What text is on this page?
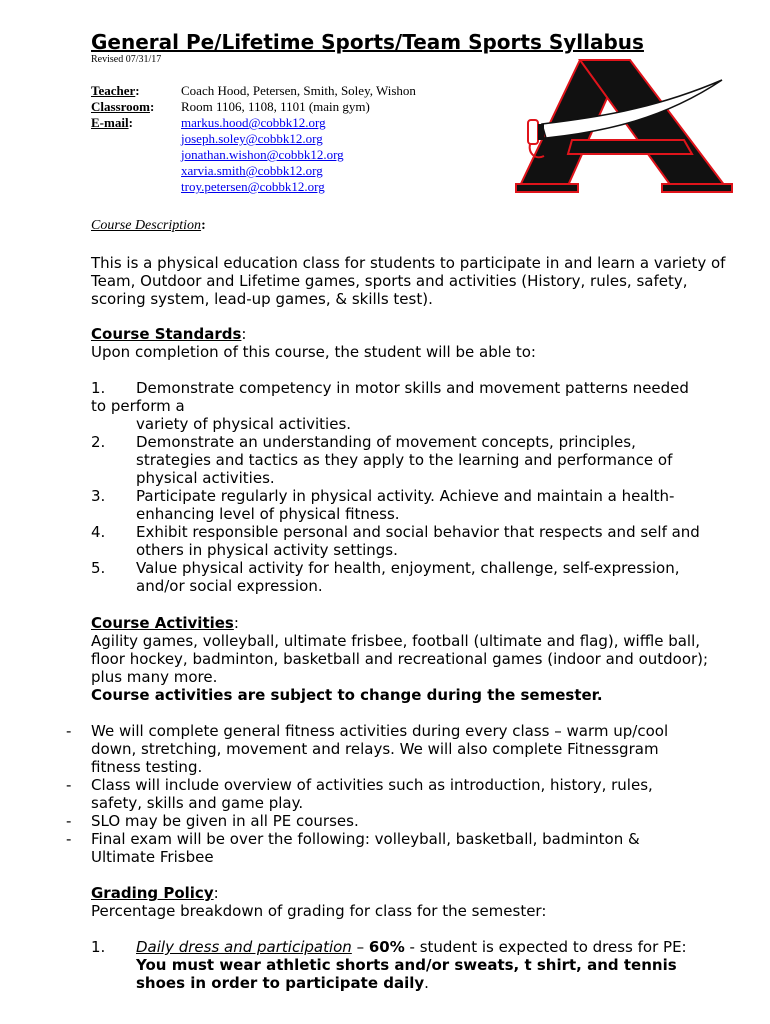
General Pe/Lifetime Sports/Team Sports Syllabus
Revised 07/31/17
Teacher:	Coach Hood, Petersen, Smith, Soley, Wishon
Classroom: Room 1106, 1108, 1101 (main gym)
E-mail:	markus.hood@cobbk12.org
joseph.soley@cobbk12.org
jonathan.wishon@cobbk12.org
xarvia.smith@cobbk12.org
troy.petersen@cobbk12.org
Course Description:
This is a physical education class for students to participate in and learn a variety of Team, Outdoor and Lifetime games, sports and activities (History, rules, safety, scoring system, lead-up games, & skills test).
Course Standards:
Upon completion of this course, the student will be able to:
1. Demonstrate competency in motor skills and movement patterns needed
to perform a
variety of physical activities.
2. Demonstrate an understanding of movement concepts, principles, strategies and tactics as they apply to the learning and performance of physical activities.
3. Participate regularly in physical activity. Achieve and maintain a health-enhancing level of physical fitness.
4. Exhibit responsible personal and social behavior that respects and self and others in physical activity settings.
5. Value physical activity for health, enjoyment, challenge, self-expression, and/or social expression.
Course Activities:
Agility games, volleyball, ultimate frisbee, football (ultimate and flag), wiffle ball, floor hockey, badminton, basketball and recreational games (indoor and outdoor); plus many more.
Course activities are subject to change during the semester.
- We will complete general fitness activities during every class – warm up/cool down, stretching, movement and relays. We will also complete Fitnessgram fitness testing.
- Class will include overview of activities such as introduction, history, rules, safety, skills and game play.
- SLO may be given in all PE courses.
- Final exam will be over the following: volleyball, basketball, badminton & Ultimate Frisbee
Grading Policy:
Percentage breakdown of grading for class for the semester:
1. Daily dress and participation – 60% - student is expected to dress for PE: You must wear athletic shorts and/or sweats, t shirt, and tennis shoes in order to participate daily.
